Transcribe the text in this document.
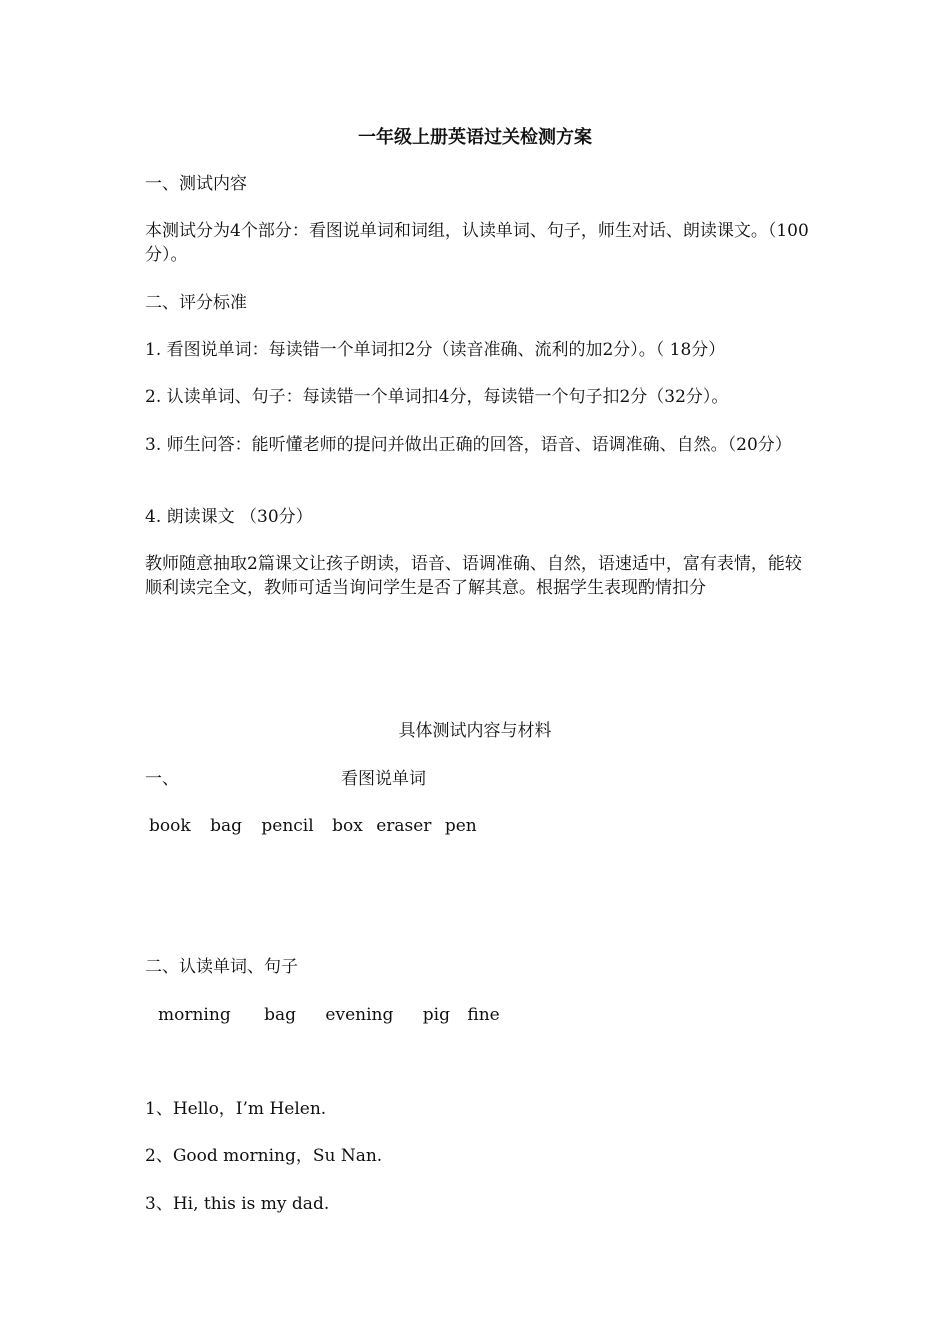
一年级上册英语过关检测方案
一、测试内容
本测试分为4个部分：看图说单词和词组，认读单词、句子，师生对话、朗读课文。（100分）。
二、评分标准
1. 看图说单词：每读错一个单词扣2分（读音准确、流利的加2分）。（ 18分）
2. 认读单词、句子：每读错一个单词扣4分，每读错一个句子扣2分（32分）。
3. 师生问答：能听懂老师的提问并做出正确的回答，语音、语调准确、自然。（20分）
4. 朗读课文 （30分）
教师随意抽取2篇课文让孩子朗读，语音、语调准确、自然，语速适中，富有表情，能较顺利读完全文，教师可适当询问学生是否了解其意。根据学生表现酌情扣分
具体测试内容与材料
一、	看图说单词
book bag pencil box eraser pen
二、认读单词、句子
morning bag evening pig fine
1、Hello，I’m Helen.
2、Good morning，Su Nan.
3、Hi, this is my dad.
